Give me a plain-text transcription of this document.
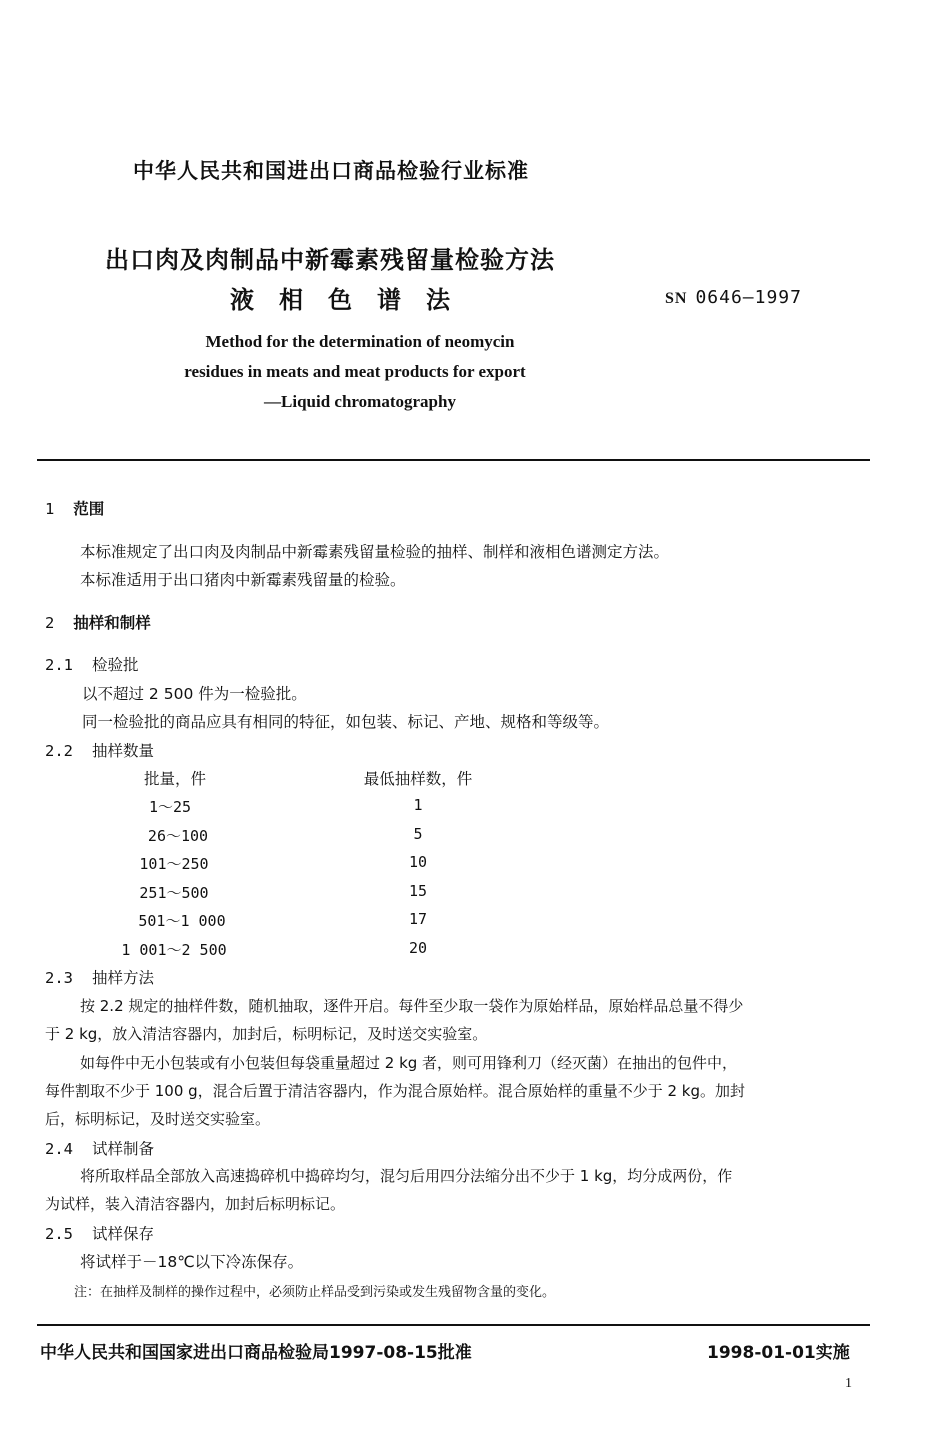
中华人民共和国进出口商品检验行业标准
出口肉及肉制品中新霉素残留量检验方法
液相色谱法	SN 0646—1997
Method for the determination of neomycin
residues in meats and meat products for export
—Liquid chromatography
1 范围
本标准规定了出口肉及肉制品中新霉素残留量检验的抽样、制样和液相色谱测定方法。
本标准适用于出口猪肉中新霉素残留量的检验。
2 抽样和制样
2.1 检验批
以不超过 2 500 件为一检验批。
同一检验批的商品应具有相同的特征，如包装、标记、产地、规格和等级等。
2.2 抽样数量
批量，件	最低抽样数，件
1～25	1
26～100	5
101～250	10
251～500	15
501～1 000	17
1 001～2 500	20
2.3 抽样方法
按 2.2 规定的抽样件数，随机抽取，逐件开启。每件至少取一袋作为原始样品，原始样品总量不得少
于 2 kg，放入清洁容器内，加封后，标明标记，及时送交实验室。
如每件中无小包装或有小包装但每袋重量超过 2 kg 者，则可用锋利刀（经灭菌）在抽出的包件中，
每件割取不少于 100 g，混合后置于清洁容器内，作为混合原始样。混合原始样的重量不少于 2 kg。加封
后，标明标记，及时送交实验室。
2.4 试样制备
将所取样品全部放入高速捣碎机中捣碎均匀，混匀后用四分法缩分出不少于 1 kg，均分成两份，作
为试样，装入清洁容器内，加封后标明标记。
2.5 试样保存
将试样于－18℃以下冷冻保存。
注：在抽样及制样的操作过程中，必须防止样品受到污染或发生残留物含量的变化。
中华人民共和国国家进出口商品检验局1997-08-15批准	1998-01-01实施
1
